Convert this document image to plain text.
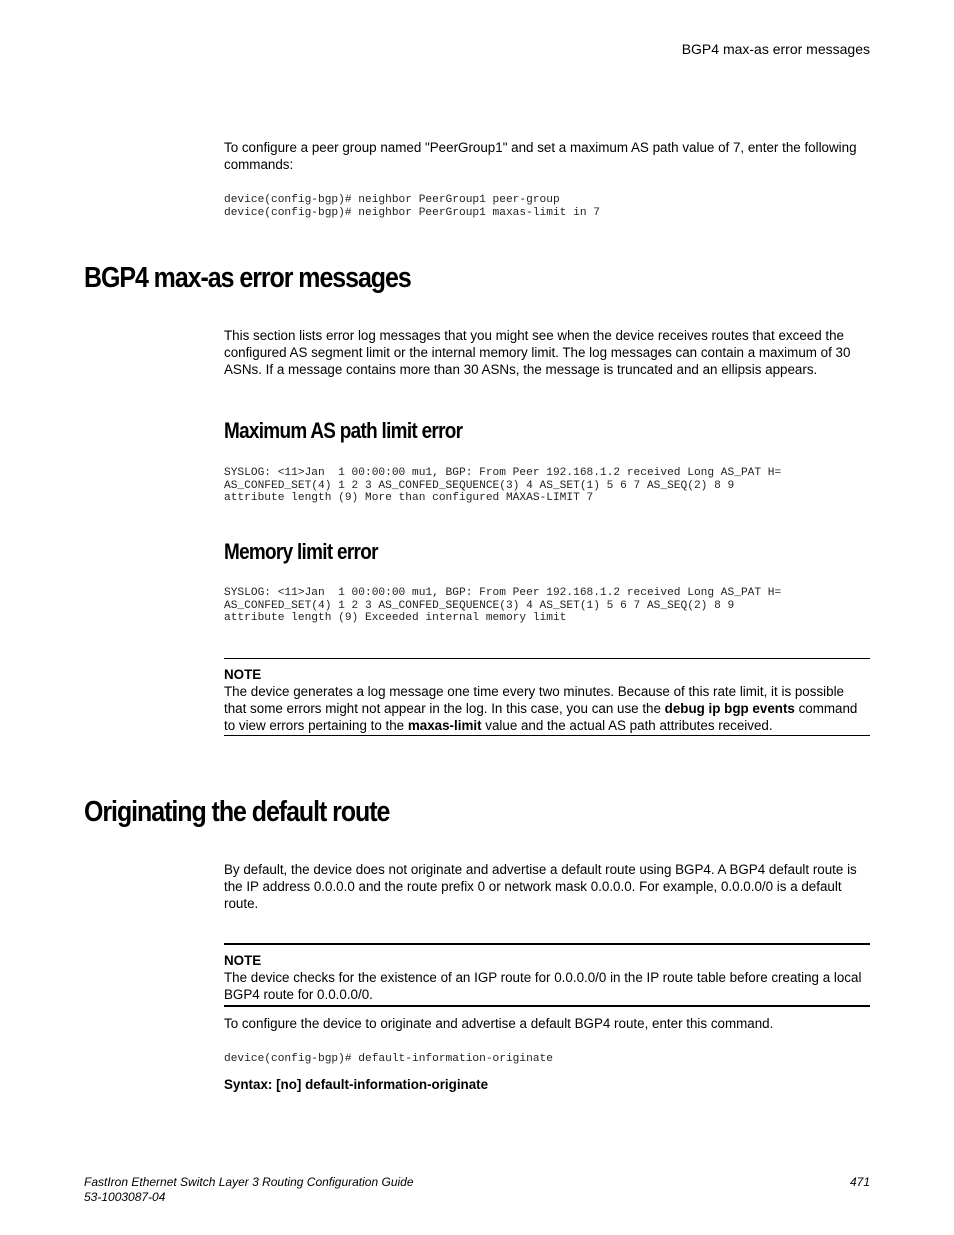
BGP4 max-as error messages

To configure a peer group named "PeerGroup1" and set a maximum AS path value of 7, enter the following commands:

device(config-bgp)# neighbor PeerGroup1 peer-group
device(config-bgp)# neighbor PeerGroup1 maxas-limit in 7
BGP4 max-as error messages

This section lists error log messages that you might see when the device receives routes that exceed the configured AS segment limit or the internal memory limit. The log messages can contain a maximum of 30 ASNs. If a message contains more than 30 ASNs, the message is truncated and an ellipsis appears.

Maximum AS path limit error
SYSLOG: <11>Jan  1 00:00:00 mu1, BGP: From Peer 192.168.1.2 received Long AS_PAT H=
AS_CONFED_SET(4) 1 2 3 AS_CONFED_SEQUENCE(3) 4 AS_SET(1) 5 6 7 AS_SEQ(2) 8 9
attribute length (9) More than configured MAXAS-LIMIT 7
Memory limit error
SYSLOG: <11>Jan  1 00:00:00 mu1, BGP: From Peer 192.168.1.2 received Long AS_PAT H=
AS_CONFED_SET(4) 1 2 3 AS_CONFED_SEQUENCE(3) 4 AS_SET(1) 5 6 7 AS_SEQ(2) 8 9
attribute length (9) Exceeded internal memory limit
NOTE
The device generates a log message one time every two minutes. Because of this rate limit, it is possible that some errors might not appear in the log. In this case, you can use the debug ip bgp events command to view errors pertaining to the maxas-limit value and the actual AS path attributes received.
Originating the default route

By default, the device does not originate and advertise a default route using BGP4. A BGP4 default route is the IP address 0.0.0.0 and the route prefix 0 or network mask 0.0.0.0. For example, 0.0.0.0/0 is a default route.

NOTE
The device checks for the existence of an IGP route for 0.0.0.0/0 in the IP route table before creating a local BGP4 route for 0.0.0.0/0.

To configure the device to originate and advertise a default BGP4 route, enter this command.

device(config-bgp)# default-information-originate
Syntax: [no] default-information-originate
FastIron Ethernet Switch Layer 3 Routing Configuration Guide
53-1003087-04
471
